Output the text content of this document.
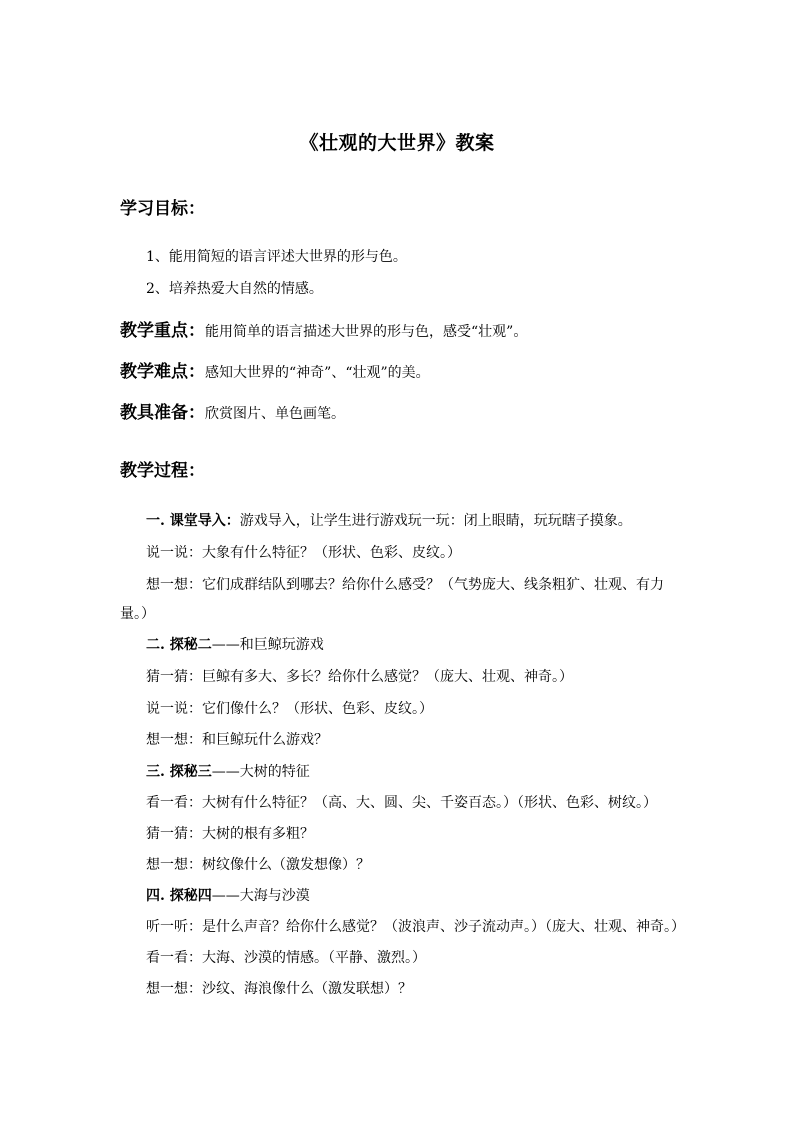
《壮观的大世界》教案
学习目标：
1、能用简短的语言评述大世界的形与色。
2、培养热爱大自然的情感。
教学重点：能用简单的语言描述大世界的形与色，感受“壮观”。
教学难点：感知大世界的“神奇”、“壮观”的美。
教具准备：欣赏图片、单色画笔。
教学过程：
一. 课堂导入：游戏导入，让学生进行游戏玩一玩：闭上眼睛，玩玩瞎子摸象。
说一说：大象有什么特征？（形状、色彩、皮纹。）
想一想：它们成群结队到哪去？给你什么感受？（气势庞大、线条粗犷、壮观、有力
量。）
二. 探秘二——和巨鲸玩游戏
猜一猜：巨鲸有多大、多长？给你什么感觉？（庞大、壮观、神奇。）
说一说：它们像什么？（形状、色彩、皮纹。）
想一想：和巨鲸玩什么游戏？
三. 探秘三——大树的特征
看一看：大树有什么特征？（高、大、圆、尖、千姿百态。）（形状、色彩、树纹。）
猜一猜：大树的根有多粗？
想一想：树纹像什么（激发想像）？
四. 探秘四——大海与沙漠
听一听：是什么声音？给你什么感觉？（波浪声、沙子流动声。）（庞大、壮观、神奇。）
看一看：大海、沙漠的情感。（平静、激烈。）
想一想：沙纹、海浪像什么（激发联想）？
